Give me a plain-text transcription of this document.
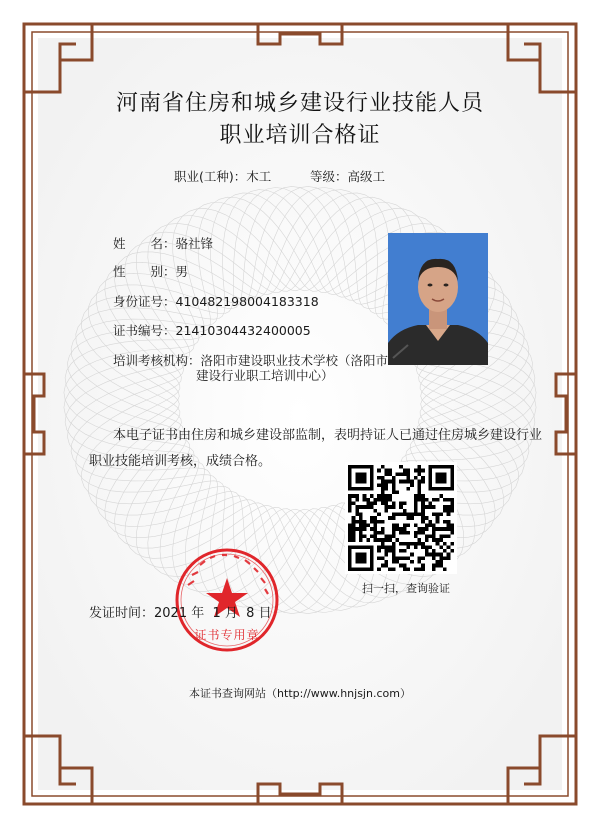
河南省住房和城乡建设行业技能人员
职业培训合格证
职业(工种)：木工	等级：高级工
姓　　名：骆社锋
性　　别：男
身份证号：410482198004183318
证书编号：21410304432400005
培训考核机构：洛阳市建设职业技术学校（洛阳市
建设行业职工培训中心）
本电子证书由住房和城乡建设部监制，表明持证人已通过住房城乡建设行业
职业技能培训考核，成绩合格。
扫一扫，查询验证
证书专用章
发证时间：2021 年  1 月  8 日
本证书查询网站（http://www.hnjsjn.com）
